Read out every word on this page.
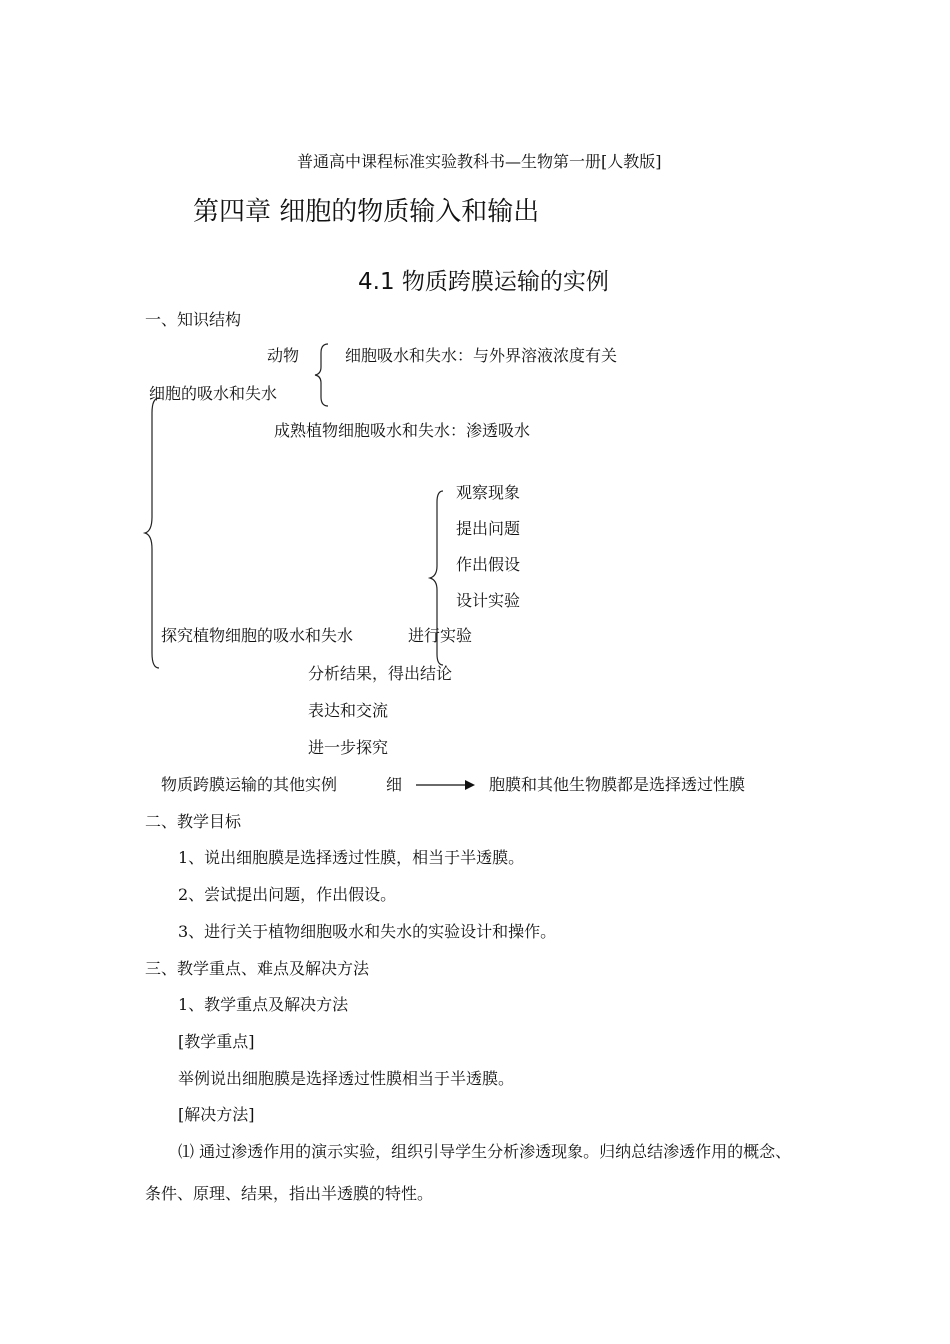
普通高中课程标准实验教科书—生物第一册[人教版]
第四章 细胞的物质输入和输出
4.1 物质跨膜运输的实例
一、知识结构
动物	细胞吸水和失水：与外界溶液浓度有关
细胞的吸水和失水
成熟植物细胞吸水和失水：渗透吸水
观察现象
提出问题
作出假设
设计实验
探究植物细胞的吸水和失水	进行实验
分析结果，得出结论
表达和交流
进一步探究
物质跨膜运输的其他实例	细	胞膜和其他生物膜都是选择透过性膜
二、教学目标
1、说出细胞膜是选择透过性膜，相当于半透膜。
2、尝试提出问题，作出假设。
3、进行关于植物细胞吸水和失水的实验设计和操作。
三、教学重点、难点及解决方法
1、教学重点及解决方法
[教学重点]
举例说出细胞膜是选择透过性膜相当于半透膜。
[解决方法]
⑴ 通过渗透作用的演示实验，组织引导学生分析渗透现象。归纳总结渗透作用的概念、
条件、原理、结果，指出半透膜的特性。
